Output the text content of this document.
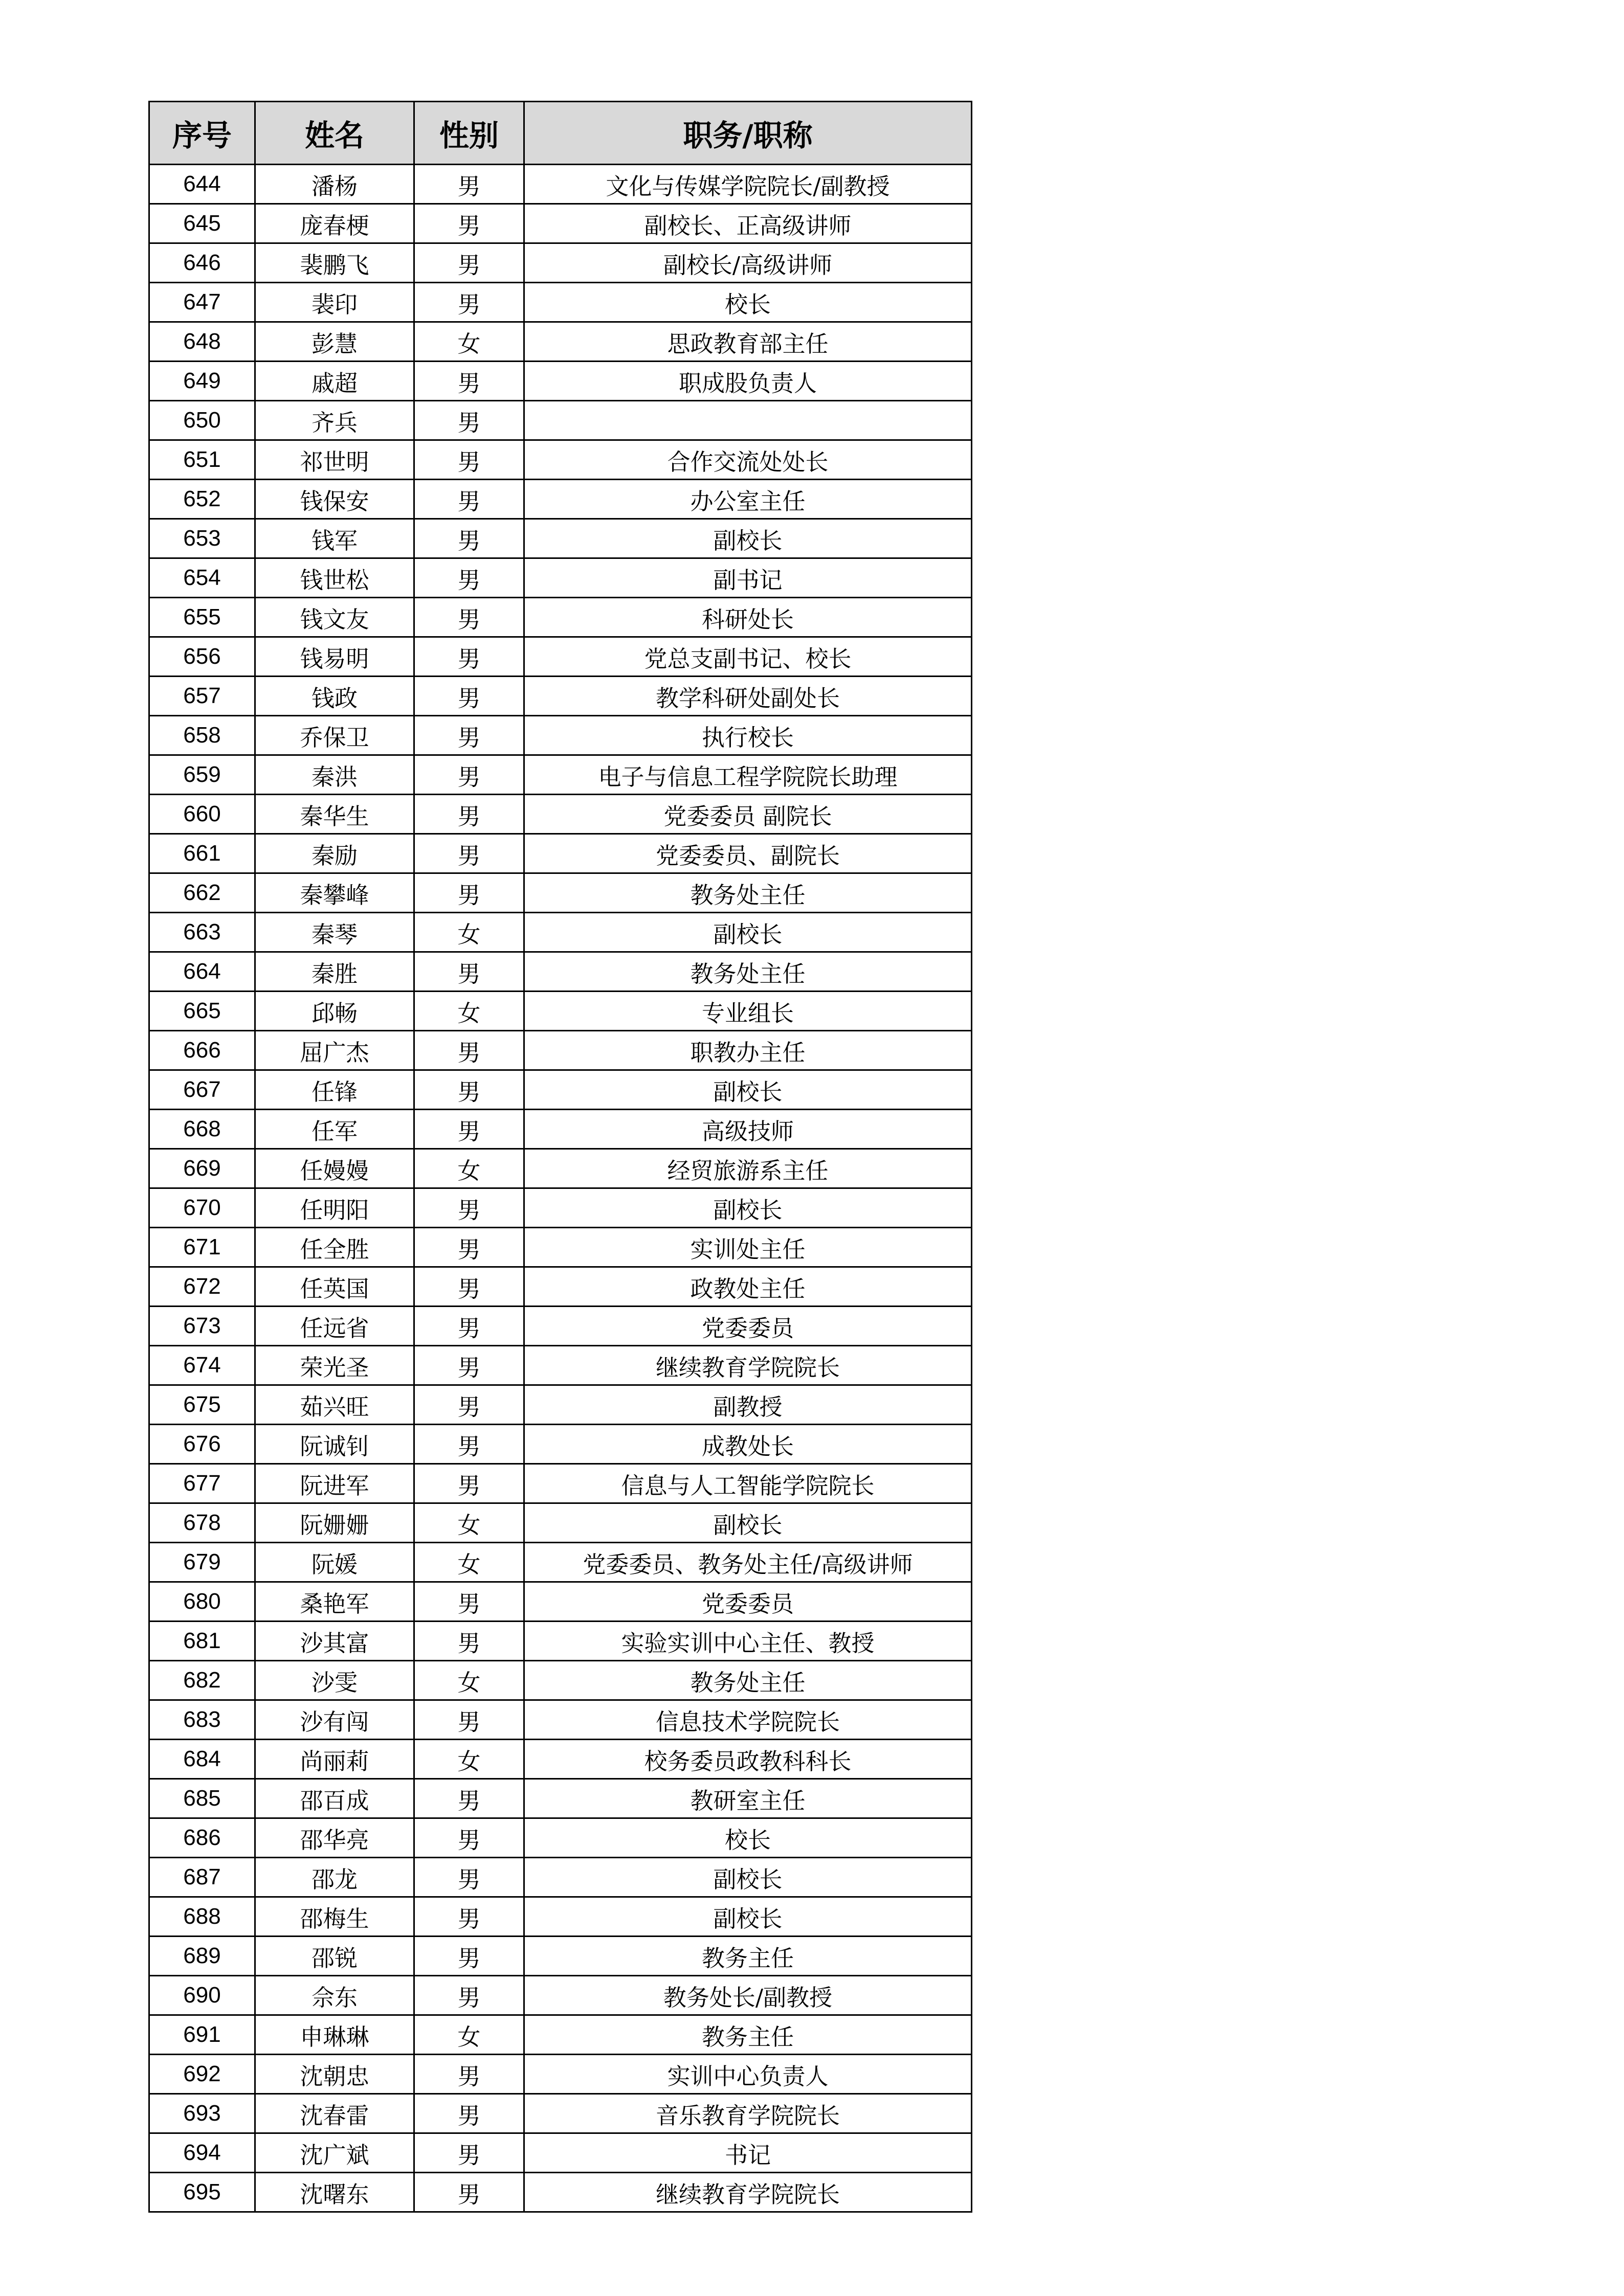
序号	姓名	性别	职务/职称
644	潘杨	男	文化与传媒学院院长/副教授
645	庞春梗	男	副校长、正高级讲师
646	裴鹏飞	男	副校长/高级讲师
647	裴印	男	校长
648	彭慧	女	思政教育部主任
649	戚超	男	职成股负责人
650	齐兵	男	
651	祁世明	男	合作交流处处长
652	钱保安	男	办公室主任
653	钱军	男	副校长
654	钱世松	男	副书记
655	钱文友	男	科研处长
656	钱易明	男	党总支副书记、校长
657	钱政	男	教学科研处副处长
658	乔保卫	男	执行校长
659	秦洪	男	电子与信息工程学院院长助理
660	秦华生	男	党委委员 副院长
661	秦励	男	党委委员、副院长
662	秦攀峰	男	教务处主任
663	秦琴	女	副校长
664	秦胜	男	教务处主任
665	邱畅	女	专业组长
666	屈广杰	男	职教办主任
667	任锋	男	副校长
668	任军	男	高级技师
669	任嫚嫚	女	经贸旅游系主任
670	任明阳	男	副校长
671	任全胜	男	实训处主任
672	任英国	男	政教处主任
673	任远省	男	党委委员
674	荣光圣	男	继续教育学院院长
675	茹兴旺	男	副教授
676	阮诚钊	男	成教处长
677	阮进军	男	信息与人工智能学院院长
678	阮姗姗	女	副校长
679	阮媛	女	党委委员、教务处主任/高级讲师
680	桑艳军	男	党委委员
681	沙其富	男	实验实训中心主任、教授
682	沙雯	女	教务处主任
683	沙有闯	男	信息技术学院院长
684	尚丽莉	女	校务委员政教科科长
685	邵百成	男	教研室主任
686	邵华亮	男	校长
687	邵龙	男	副校长
688	邵梅生	男	副校长
689	邵锐	男	教务主任
690	佘东	男	教务处长/副教授
691	申琳琳	女	教务主任
692	沈朝忠	男	实训中心负责人
693	沈春雷	男	音乐教育学院院长
694	沈广斌	男	书记
695	沈曙东	男	继续教育学院院长
